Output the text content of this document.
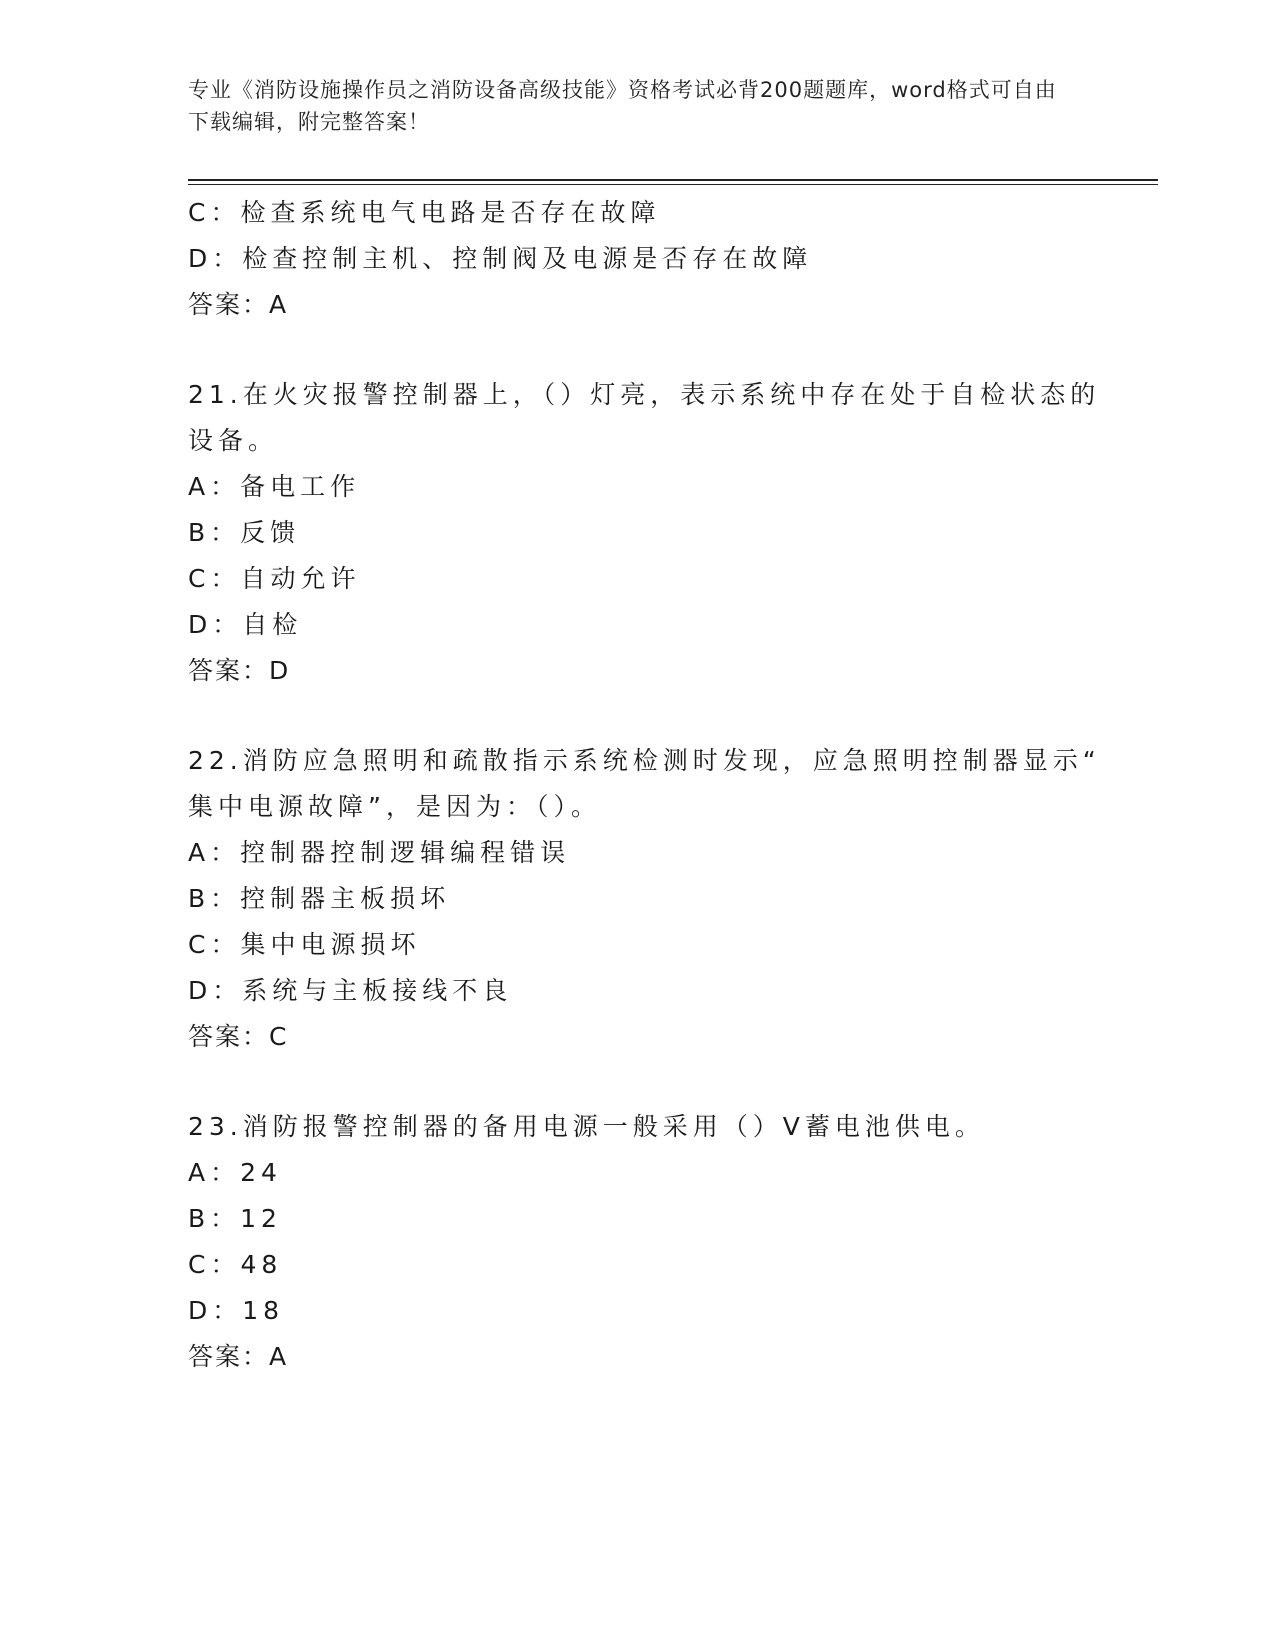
专业《消防设施操作员之消防设备高级技能》资格考试必背200题题库，word格式可自由下载编辑，附完整答案！
C：检查系统电气电路是否存在故障
D：检查控制主机、控制阀及电源是否存在故障
答案：A
21.在火灾报警控制器上，（）灯亮，表示系统中存在处于自检状态的
设备。
A：备电工作
B：反馈
C：自动允许
D：自检
答案：D
22.消防应急照明和疏散指示系统检测时发现，应急照明控制器显示“
集中电源故障”，是因为：（）。
A：控制器控制逻辑编程错误
B：控制器主板损坏
C：集中电源损坏
D：系统与主板接线不良
答案：C
23.消防报警控制器的备用电源一般采用（）V蓄电池供电。
A：24
B：12
C：48
D：18
答案：A
